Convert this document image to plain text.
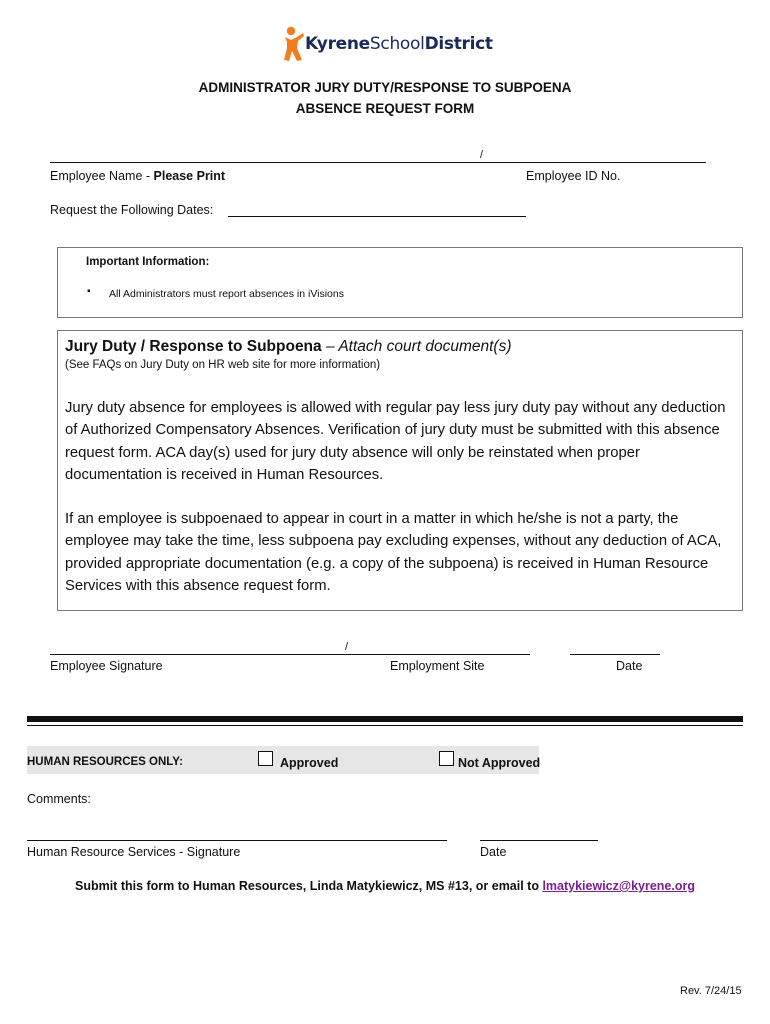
KyreneSchoolDistrict
ADMINISTRATOR JURY DUTY/RESPONSE TO SUBPOENA
ABSENCE REQUEST FORM
/
Employee Name - Please Print	Employee ID No.
Request the Following Dates:
Important Information:
▪ All Administrators must report absences in iVisions
Jury Duty / Response to Subpoena – Attach court document(s)
(See FAQs on Jury Duty on HR web site for more information)
Jury duty absence for employees is allowed with regular pay less jury duty pay without any deduction of Authorized Compensatory Absences. Verification of jury duty must be submitted with this absence request form. ACA day(s) used for jury duty absence will only be reinstated when proper documentation is received in Human Resources.
If an employee is subpoenaed to appear in court in a matter in which he/she is not a party, the employee may take the time, less subpoena pay excluding expenses, without any deduction of ACA, provided appropriate documentation (e.g. a copy of the subpoena) is received in Human Resource Services with this absence request form.
/
Employee Signature	Employment Site	Date
HUMAN RESOURCES ONLY:	Approved	Not Approved
Comments:
Human Resource Services - Signature	Date
Submit this form to Human Resources, Linda Matykiewicz, MS #13, or email to lmatykiewicz@kyrene.org
Rev. 7/24/15
